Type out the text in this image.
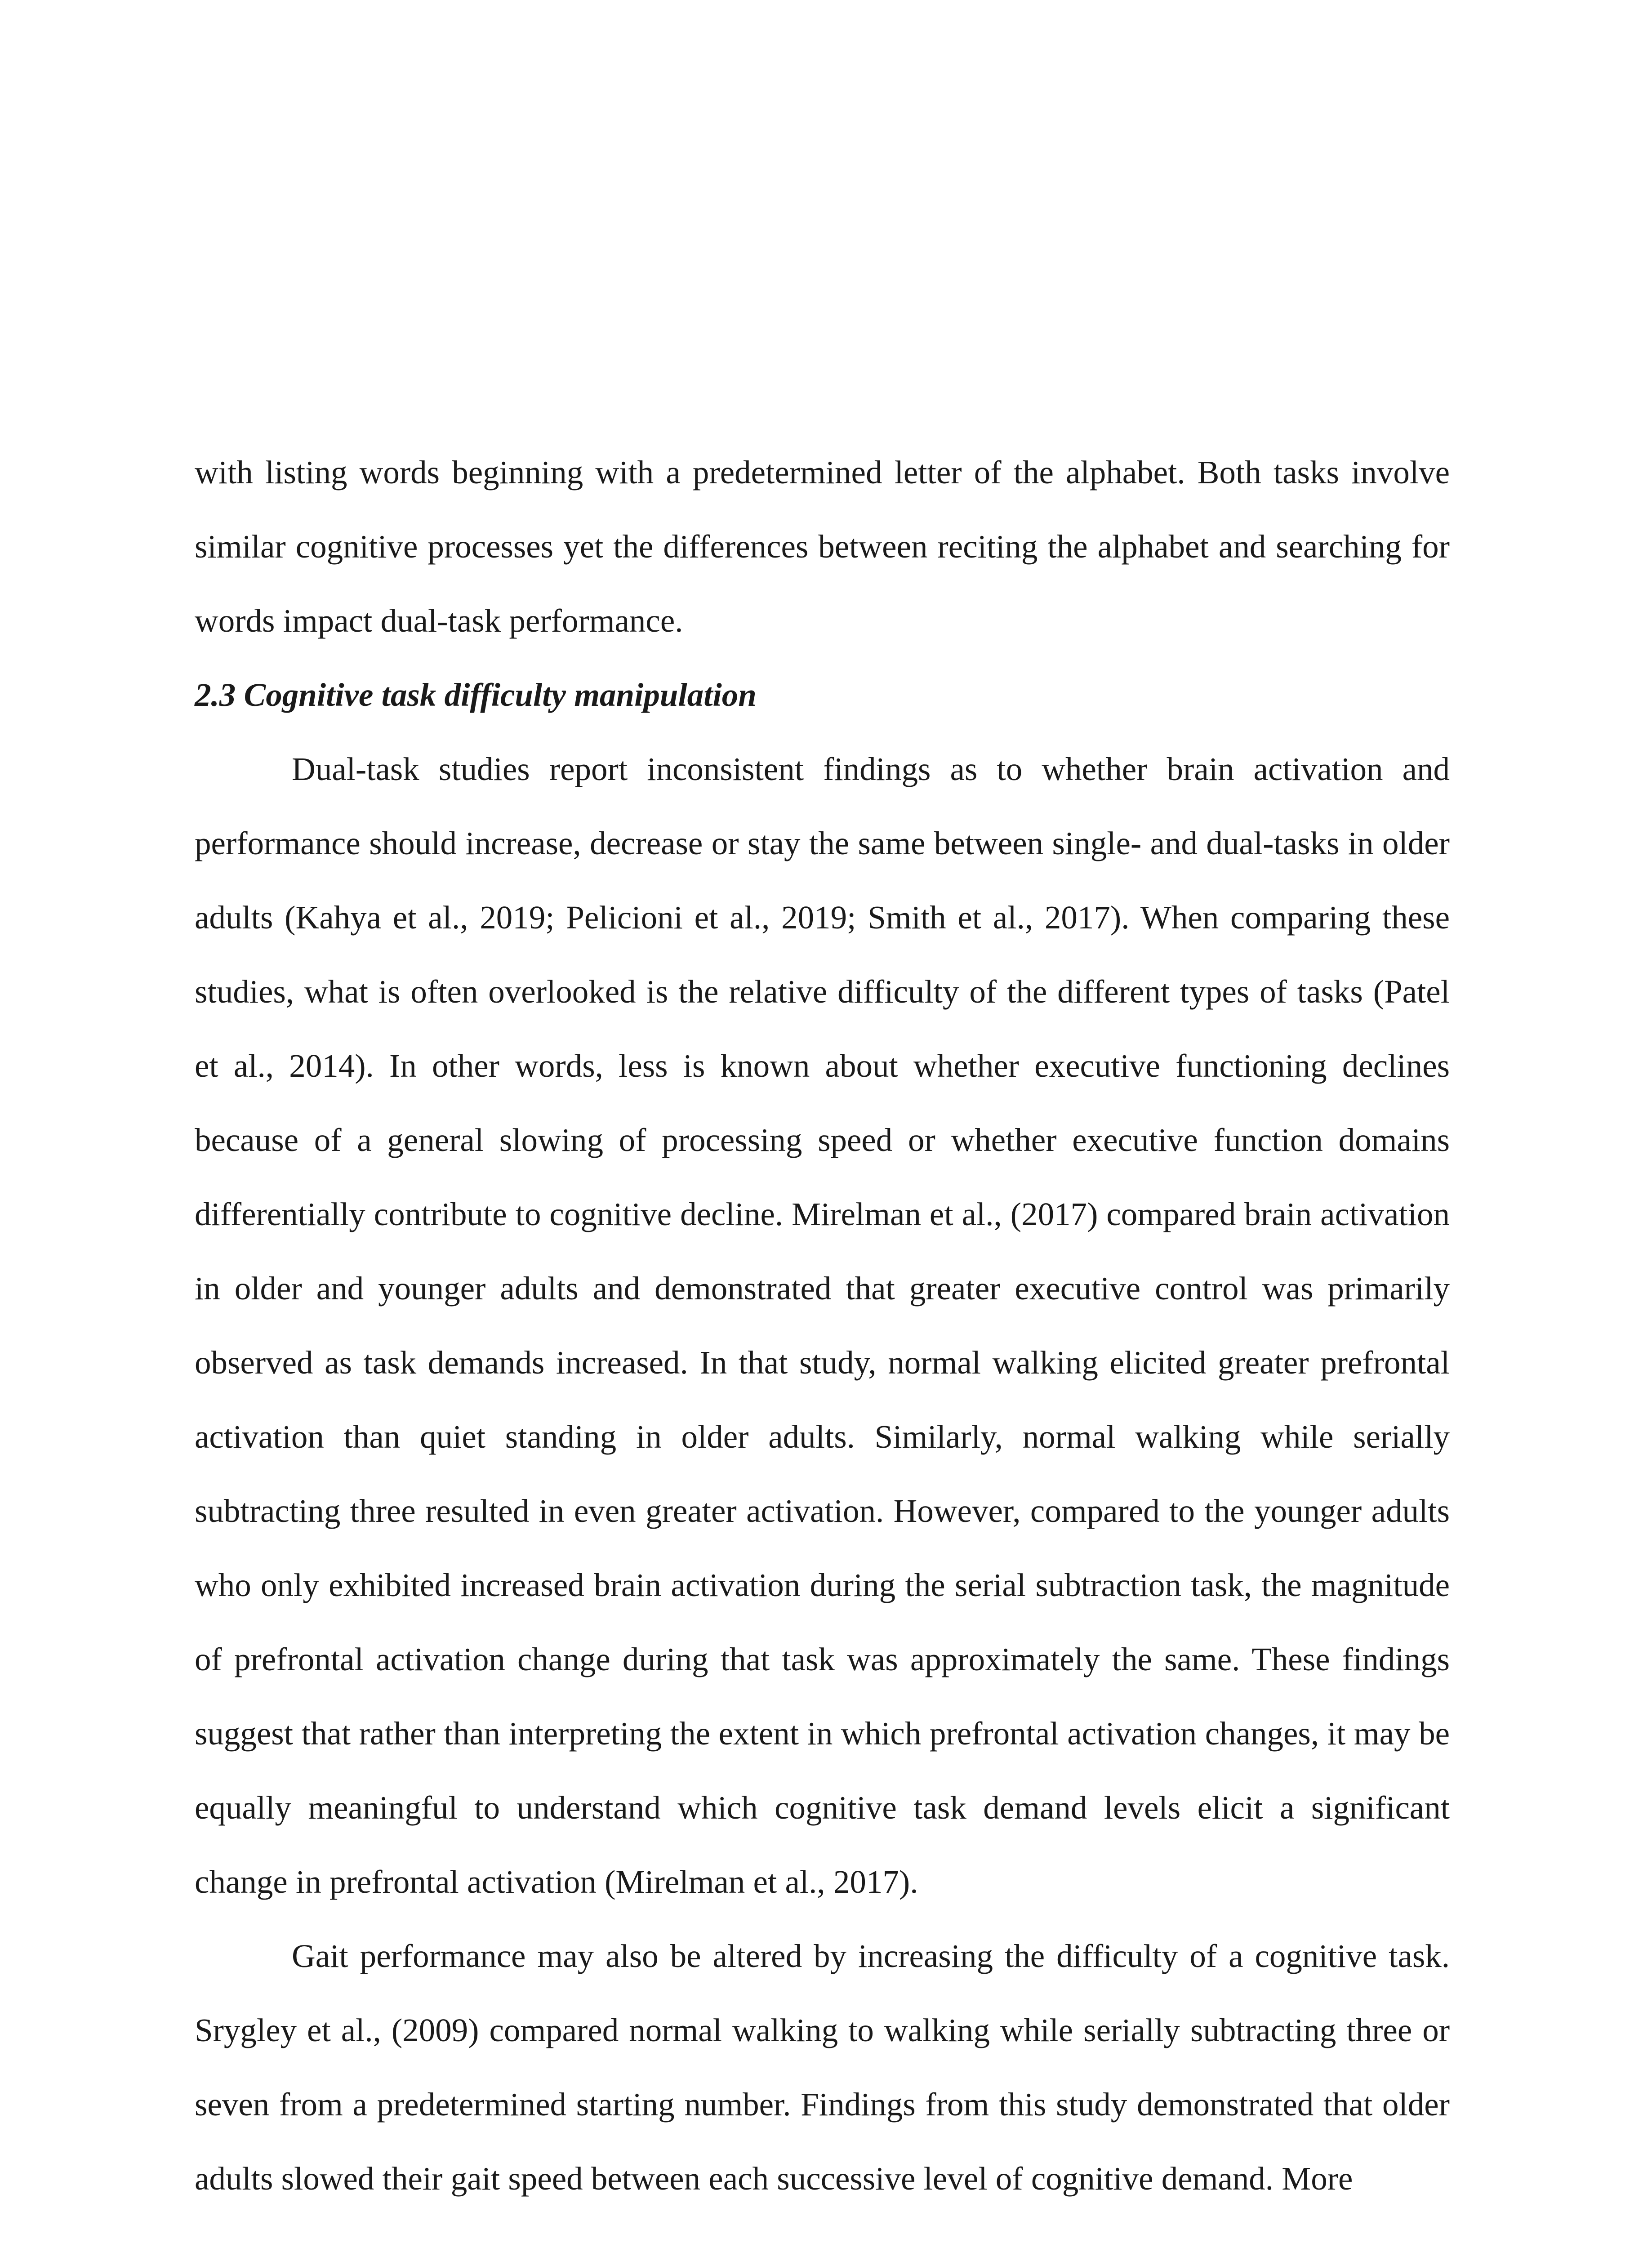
with listing words beginning with a predetermined letter of the alphabet. Both tasks involve similar cognitive processes yet the differences between reciting the alphabet and searching for words impact dual-task performance.

2.3 Cognitive task difficulty manipulation

Dual-task studies report inconsistent findings as to whether brain activation and performance should increase, decrease or stay the same between single- and dual-tasks in older adults (Kahya et al., 2019; Pelicioni et al., 2019; Smith et al., 2017). When comparing these studies, what is often overlooked is the relative difficulty of the different types of tasks (Patel et al., 2014). In other words, less is known about whether executive functioning declines because of a general slowing of processing speed or whether executive function domains differentially contribute to cognitive decline. Mirelman et al., (2017) compared brain activation in older and younger adults and demonstrated that greater executive control was primarily observed as task demands increased. In that study, normal walking elicited greater prefrontal activation than quiet standing in older adults. Similarly, normal walking while serially subtracting three resulted in even greater activation. However, compared to the younger adults who only exhibited increased brain activation during the serial subtraction task, the magnitude of prefrontal activation change during that task was approximately the same. These findings suggest that rather than interpreting the extent in which prefrontal activation changes, it may be equally meaningful to understand which cognitive task demand levels elicit a significant change in prefrontal activation (Mirelman et al., 2017).

Gait performance may also be altered by increasing the difficulty of a cognitive task. Srygley et al., (2009) compared normal walking to walking while serially subtracting three or seven from a predetermined starting number. Findings from this study demonstrated that older adults slowed their gait speed between each successive level of cognitive demand. More
